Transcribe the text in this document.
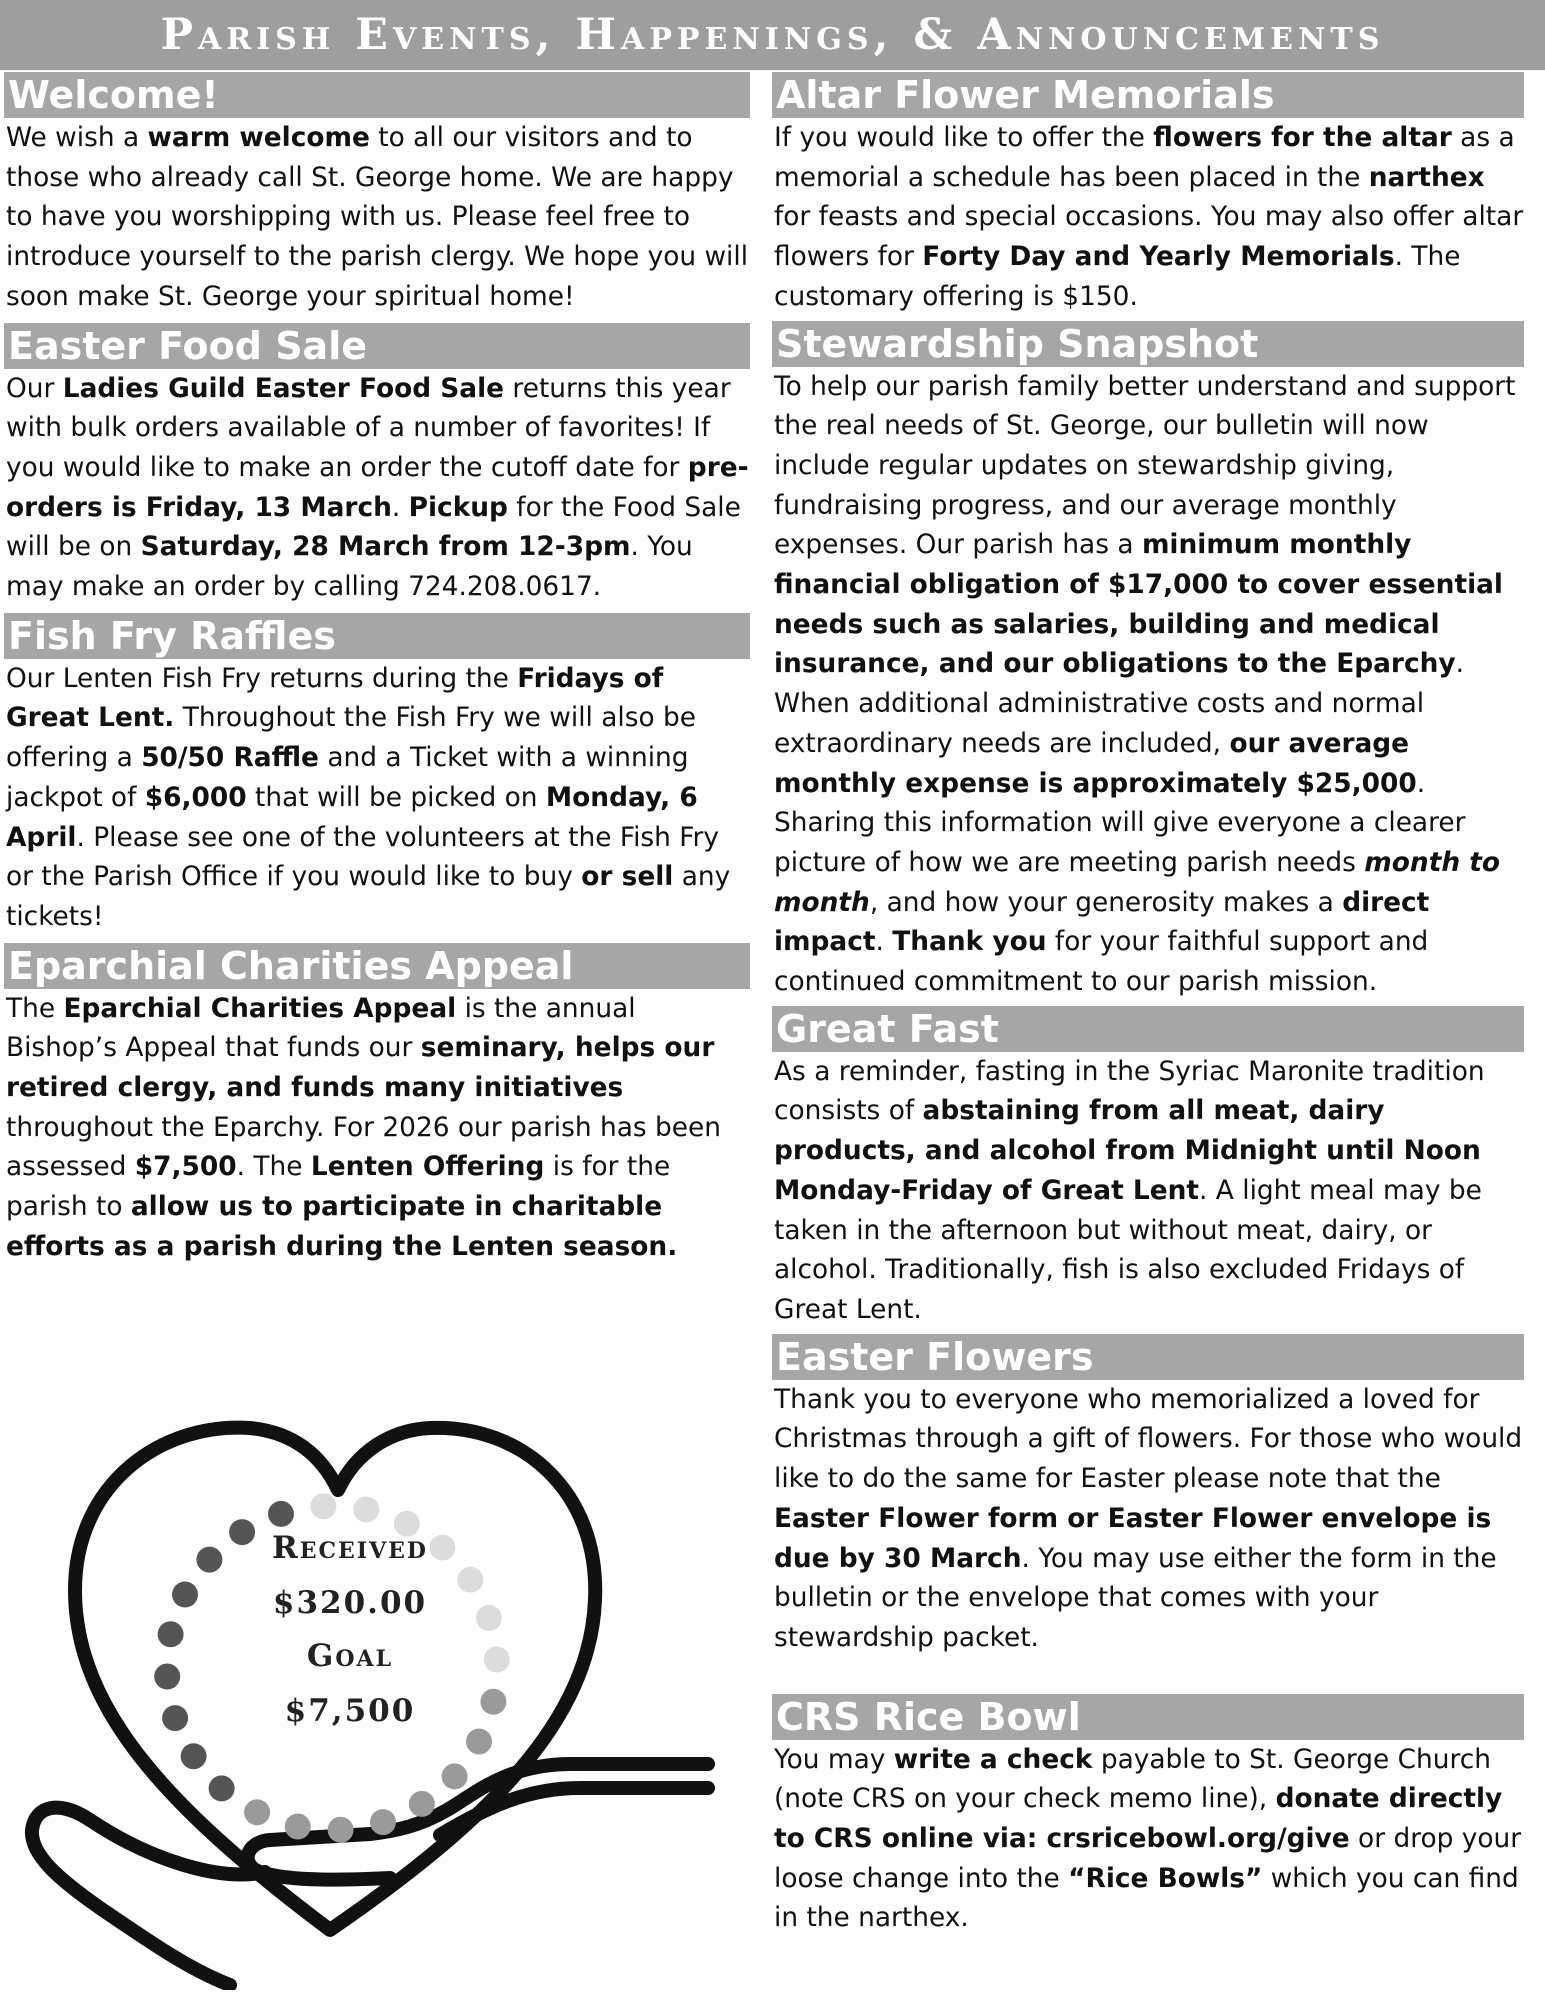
Parish Events, Happenings, & Announcements
Welcome!

We wish a warm welcome to all our visitors and to those who already call St. George home. We are happy to have you worshipping with us. Please feel free to introduce yourself to the parish clergy. We hope you will soon make St. George your spiritual home!

Easter Food Sale

Our Ladies Guild Easter Food Sale returns this year with bulk orders available of a number of favorites! If you would like to make an order the cutoff date for pre-orders is Friday, 13 March. Pickup for the Food Sale will be on Saturday, 28 March from 12-3pm. You may make an order by calling 724.208.0617.

Fish Fry Raffles

Our Lenten Fish Fry returns during the Fridays of Great Lent. Throughout the Fish Fry we will also be offering a 50/50 Raffle and a Ticket with a winning jackpot of $6,000 that will be picked on Monday, 6 April. Please see one of the volunteers at the Fish Fry or the Parish Office if you would like to buy or sell any tickets!

Eparchial Charities Appeal

The Eparchial Charities Appeal is the annual Bishop’s Appeal that funds our seminary, helps our retired clergy, and funds many initiatives throughout the Eparchy. For 2026 our parish has been assessed $7,500. The Lenten Offering is for the parish to allow us to participate in charitable efforts as a parish during the Lenten season.

Altar Flower Memorials

If you would like to offer the flowers for the altar as a memorial a schedule has been placed in the narthex for feasts and special occasions. You may also offer altar flowers for Forty Day and Yearly Memorials. The customary offering is $150.

Stewardship Snapshot

To help our parish family better understand and support the real needs of St. George, our bulletin will now include regular updates on stewardship giving, fundraising progress, and our average monthly expenses. Our parish has a minimum monthly financial obligation of $17,000 to cover essential needs such as salaries, building and medical insurance, and our obligations to the Eparchy. When additional administrative costs and normal extraordinary needs are included, our average monthly expense is approximately $25,000. Sharing this information will give everyone a clearer picture of how we are meeting parish needs month to month, and how your generosity makes a direct impact. Thank you for your faithful support and continued commitment to our parish mission.

Great Fast

As a reminder, fasting in the Syriac Maronite tradition consists of abstaining from all meat, dairy products, and alcohol from Midnight until Noon Monday-Friday of Great Lent. A light meal may be taken in the afternoon but without meat, dairy, or alcohol. Traditionally, fish is also excluded Fridays of Great Lent.

Easter Flowers

Thank you to everyone who memorialized a loved for Christmas through a gift of flowers. For those who would like to do the same for Easter please note that the Easter Flower form or Easter Flower envelope is due by 30 March. You may use either the form in the bulletin or the envelope that comes with your stewardship packet.

CRS Rice Bowl

You may write a check payable to St. George Church (note CRS on your check memo line), donate directly to CRS online via: crsricebowl.org/give or drop your loose change into the “Rice Bowls” which you can find in the narthex.

Received
$320.00
Goal
$7,500
